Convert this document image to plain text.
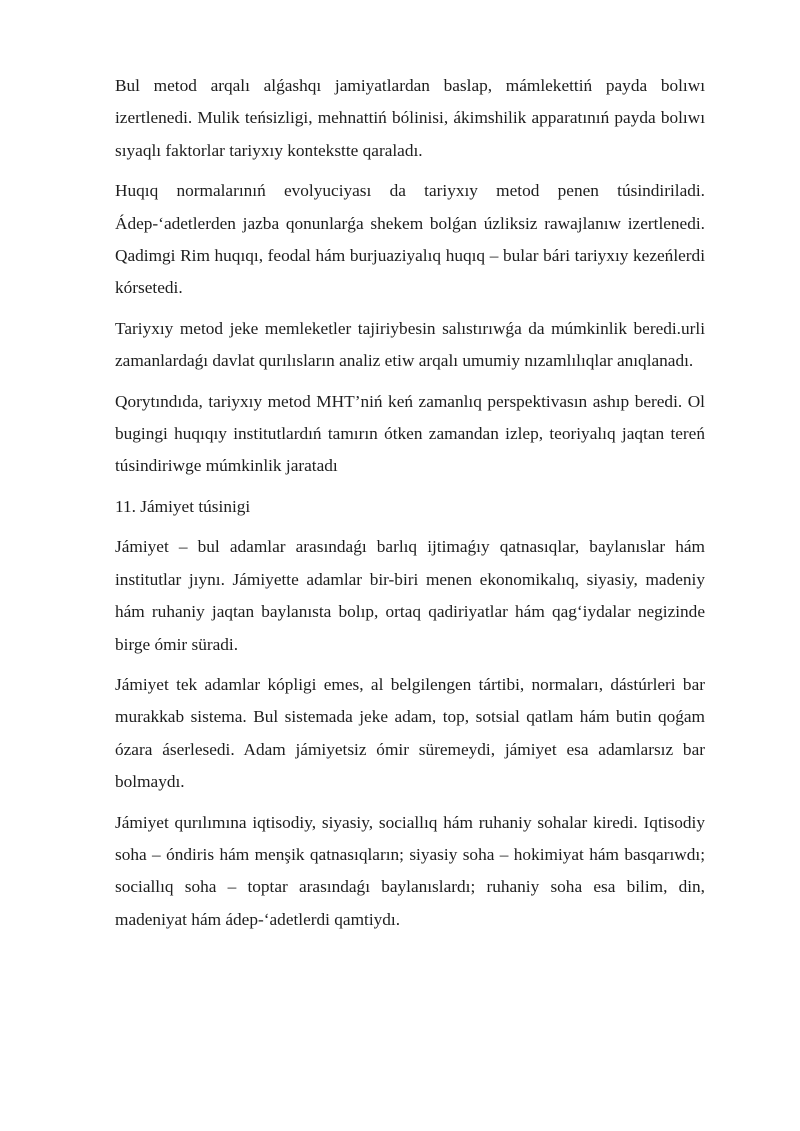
Bul metod arqalı alǵashqı jamiyatlardan baslap, mámlekettiń payda bolıwı izertlenedi. Mulik teńsizligi, mehnattiń bólinisi, ákimshilik apparatınıń payda bolıwı sıyaqlı faktorlar tariyxıy kontekstte qaraladı.

Huqıq normalarınıń evolyuciyası da tariyxıy metod penen túsindiriladi. Ádep-‘adetlerden jazba qonunlarǵa shekem bolǵan úzliksiz rawajlanıw izertlenedi. Qadimgi Rim huqıqı, feodal hám burjuaziyalıq huqıq – bular bári tariyxıy kezeńlerdi kórsetedi.

Tariyxıy metod jeke memleketler tajiriybesin salıstırıwǵa da múmkinlik beredi.urli zamanlardaǵı davlat qurılısların analiz etiw arqalı umumiy nızamlılıqlar anıqlanadı.

Qorytındıda, tariyxıy metod MHT’niń keń zamanlıq perspektivasın ashıp beredi. Ol bugingi huqıqıy institutlardıń tamırın ótken zamandan izlep, teoriyalıq jaqtan tereń túsindiriwge múmkinlik jaratadı

11. Jámiyet túsinigi

Jámiyet – bul adamlar arasındaǵı barlıq ijtimaǵıy qatnasıqlar, baylanıslar hám institutlar jıynı. Jámiyette adamlar bir-biri menen ekonomikalıq, siyasiy, madeniy hám ruhaniy jaqtan baylanısta bolıp, ortaq qadiriyatlar hám qag‘iydalar negizinde birge ómir süradi.

Jámiyet tek adamlar kópligi emes, al belgilengen tártibi, normaları, dástúrleri bar murakkab sistema. Bul sistemada jeke adam, top, sotsial qatlam hám butin qoǵam ózara áserlesedi. Adam jámiyetsiz ómir süremeydi, jámiyet esa adamlarsız bar bolmaydı.

Jámiyet qurılımına iqtisodiy, siyasiy, sociallıq hám ruhaniy sohalar kiredi. Iqtisodiy soha – óndiris hám menşik qatnasıqların; siyasiy soha – hokimiyat hám basqarıwdı; sociallıq soha – toptar arasındaǵı baylanıslardı; ruhaniy soha esa bilim, din, madeniyat hám ádep-‘adetlerdi qamtiydı.
